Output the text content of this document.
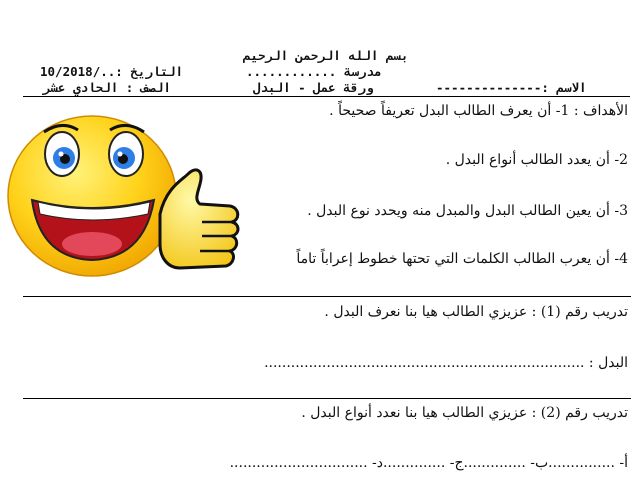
بسم الله الرحمن الرحيم
مدرسة ............
ورقة عمل - البدل
التاريخ :../10/2018
الصف : الحادي عشر	الاسم :--------------
الأهداف : 1- أن يعرف الطالب البدل تعريفاً صحيحاً .
2- أن يعدد الطالب أنواع البدل .
3- أن يعين الطالب البدل والمبدل منه ويحدد نوع البدل .
4- أن يعرب الطالب الكلمات التي تحتها خطوط إعراباً تاماً
تدريب رقم (1) : عزيزي الطالب هيا بنا نعرف البدل .
البدل : ........................................................................
تدريب رقم (2) : عزيزي الطالب هيا بنا نعدد أنواع البدل .
أ- ...............ب- ..............ج- ..............د- ...............................
